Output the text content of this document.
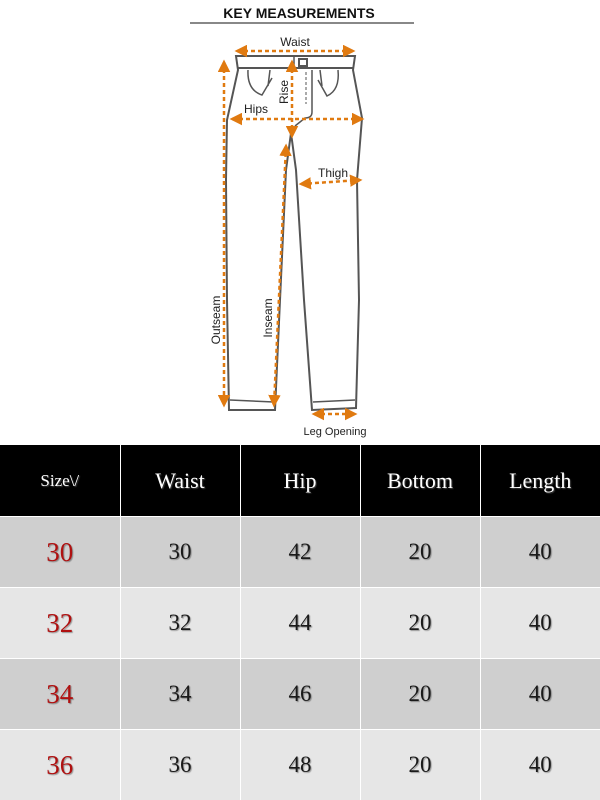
KEY MEASUREMENTS
Waist
Rise
Hips
Thigh
Outseam	Inseam
Leg Opening
Size\/	Waist	Hip	Bottom	Length
30	30	42	20	40
32	32	44	20	40
34	34	46	20	40
36	36	48	20	40
